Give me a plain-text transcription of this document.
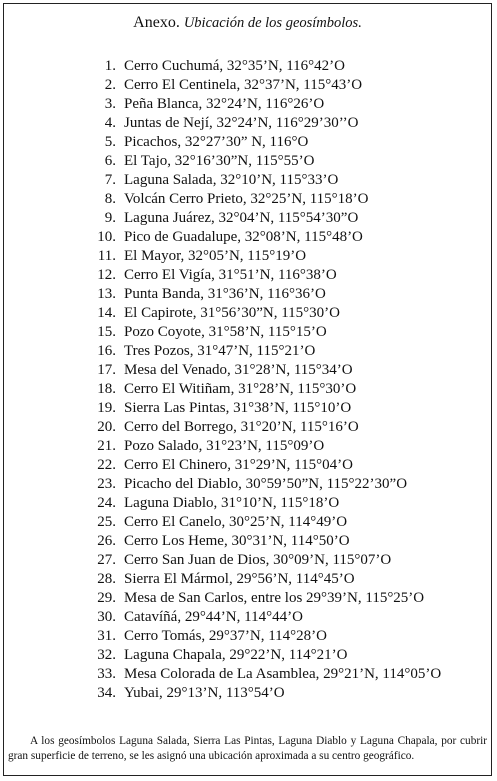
Anexo. Ubicación de los geosímbolos.
1. Cerro Cuchumá, 32°35’N, 116°42’O
2. Cerro El Centinela, 32°37’N, 115°43’O
3. Peña Blanca, 32°24’N, 116°26’O
4. Juntas de Nejí, 32°24’N, 116°29’30’’O
5. Picachos, 32°27’30” N, 116°O
6. El Tajo, 32°16’30”N, 115°55’O
7. Laguna Salada, 32°10’N, 115°33’O
8. Volcán Cerro Prieto, 32°25’N, 115°18’O
9. Laguna Juárez, 32°04’N, 115°54’30”O
10. Pico de Guadalupe, 32°08’N, 115°48’O
11. El Mayor, 32°05’N, 115°19’O
12. Cerro El Vigía, 31°51’N, 116°38’O
13. Punta Banda, 31°36’N, 116°36’O
14. El Capirote, 31°56’30”N, 115°30’O
15. Pozo Coyote, 31°58’N, 115°15’O
16. Tres Pozos, 31°47’N, 115°21’O
17. Mesa del Venado, 31°28’N, 115°34’O
18. Cerro El Witiñam, 31°28’N, 115°30’O
19. Sierra Las Pintas, 31°38’N, 115°10’O
20. Cerro del Borrego, 31°20’N, 115°16’O
21. Pozo Salado, 31°23’N, 115°09’O
22. Cerro El Chinero, 31°29’N, 115°04’O
23. Picacho del Diablo, 30°59’50”N, 115°22’30”O
24. Laguna Diablo, 31°10’N, 115°18’O
25. Cerro El Canelo, 30°25’N, 114°49’O
26. Cerro Los Heme, 30°31’N, 114°50’O
27. Cerro San Juan de Dios, 30°09’N, 115°07’O
28. Sierra El Mármol, 29°56’N, 114°45’O
29. Mesa de San Carlos, entre los 29°39’N, 115°25’O
30. Catavíñá, 29°44’N, 114°44’O
31. Cerro Tomás, 29°37’N, 114°28’O
32. Laguna Chapala, 29°22’N, 114°21’O
33. Mesa Colorada de La Asamblea, 29°21’N, 114°05’O
34. Yubai, 29°13’N, 113°54’O

A los geosímbolos Laguna Salada, Sierra Las Pintas, Laguna Diablo y Laguna Chapala, por cubrir gran superficie de terreno, se les asignó una ubicación aproximada a su centro geográfico.
